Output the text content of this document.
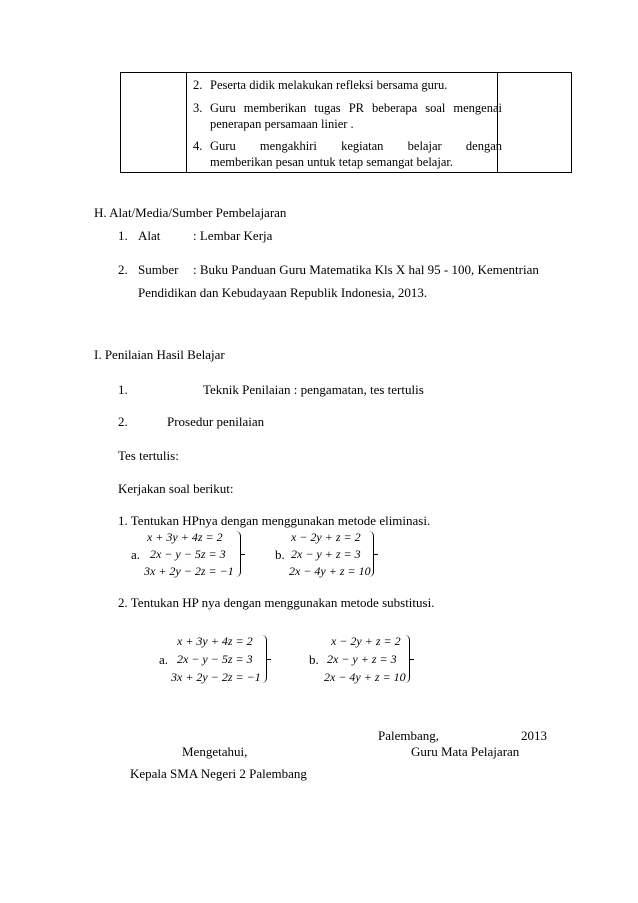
2. Peserta didik melakukan refleksi bersama guru.
3. Guru memberikan tugas PR beberapa soal mengenai
penerapan persamaan linier .
4. Guru mengakhiri kegiatan belajar dengan
memberikan pesan untuk tetap semangat belajar.
H. Alat/Media/Sumber Pembelajaran
1. Alat	: Lembar Kerja
2. Sumber : Buku Panduan Guru Matematika Kls X hal 95 - 100, Kementrian
Pendidikan dan Kebudayaan Republik Indonesia, 2013.
I. Penilaian Hasil Belajar
1.	Teknik Penilaian : pengamatan, tes tertulis
2.	Prosedur penilaian
Tes tertulis:
Kerjakan soal berikut:
1. Tentukan HPnya dengan menggunakan metode eliminasi.
a.
x + 3y + 4z = 2
2x − y − 5z = 3
3x + 2y − 2z = −1
b.
x − 2y + z = 2
2x − y + z = 3
2x − 4y + z = 10
2. Tentukan HP nya dengan menggunakan metode substitusi.
a.
x + 3y + 4z = 2
2x − y − 5z = 3
3x + 2y − 2z = −1
b.
x − 2y + z = 2
2x − y + z = 3
2x − 4y + z = 10
Palembang,	2013
Mengetahui,	Guru Mata Pelajaran
Kepala SMA Negeri 2 Palembang
